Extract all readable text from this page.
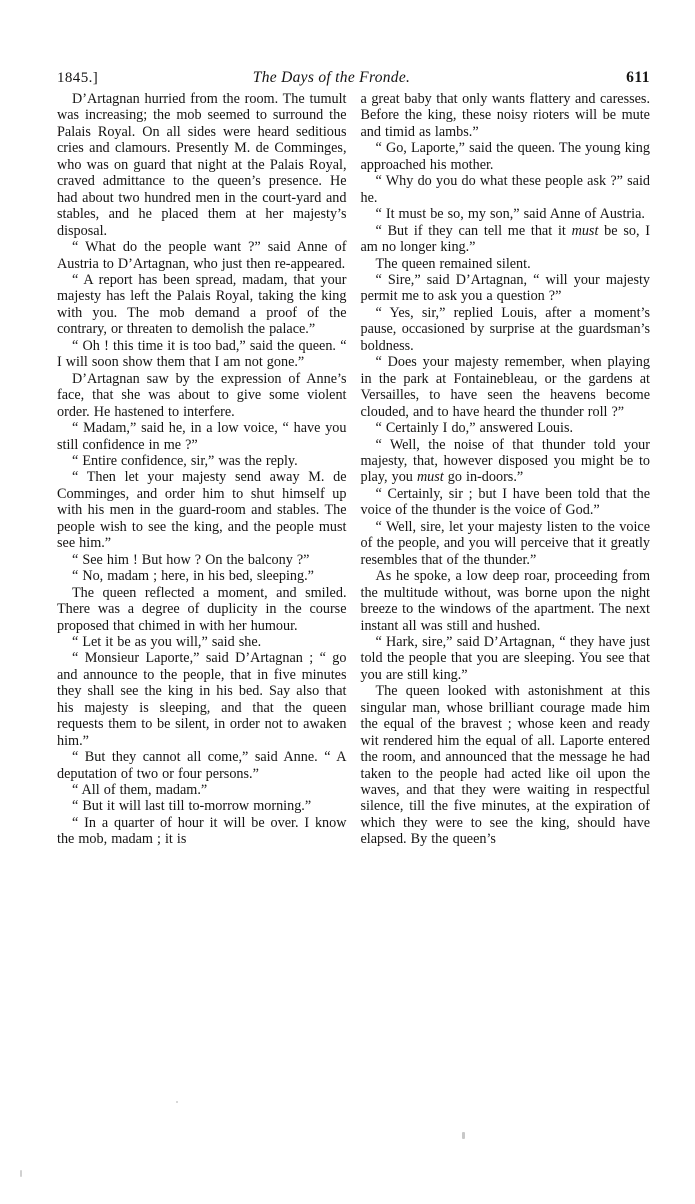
1845.]	The Days of the Fronde.	611

D’Artagnan hurried from the room. The tumult was increasing; the mob seemed to surround the Palais Royal. On all sides were heard seditious cries and clamours. Presently M. de Comminges, who was on guard that night at the Palais Royal, craved admittance to the queen’s presence. He had about two hundred men in the court-yard and stables, and he placed them at her majesty’s disposal.

“ What do the people want ?” said Anne of Austria to D’Artagnan, who just then re-appeared.

“ A report has been spread, madam, that your majesty has left the Palais Royal, taking the king with you. The mob demand a proof of the contrary, or threaten to demolish the palace.”

“ Oh ! this time it is too bad,” said the queen. “ I will soon show them that I am not gone.”

D’Artagnan saw by the expression of Anne’s face, that she was about to give some violent order. He hastened to interfere.

“ Madam,” said he, in a low voice, “ have you still confidence in me ?”

“ Entire confidence, sir,” was the reply.

“ Then let your majesty send away M. de Comminges, and order him to shut himself up with his men in the guard-room and stables. The people wish to see the king, and the people must see him.”

“ See him ! But how ? On the balcony ?”

“ No, madam ; here, in his bed, sleeping.”

The queen reflected a moment, and smiled. There was a degree of duplicity in the course proposed that chimed in with her humour.

“ Let it be as you will,” said she.

“ Monsieur Laporte,” said D’Artagnan ; “ go and announce to the people, that in five minutes they shall see the king in his bed. Say also that his majesty is sleeping, and that the queen requests them to be silent, in order not to awaken him.”

“ But they cannot all come,” said Anne. “ A deputation of two or four persons.”

“ All of them, madam.”

“ But it will last till to-morrow morning.”

“ In a quarter of hour it will be over. I know the mob, madam ; it is

a great baby that only wants flattery and caresses. Before the king, these noisy rioters will be mute and timid as lambs.”

“ Go, Laporte,” said the queen. The young king approached his mother.

“ Why do you do what these people ask ?” said he.

“ It must be so, my son,” said Anne of Austria.

“ But if they can tell me that it must be so, I am no longer king.”

The queen remained silent.

“ Sire,” said D’Artagnan, “ will your majesty permit me to ask you a question ?”

“ Yes, sir,” replied Louis, after a moment’s pause, occasioned by surprise at the guardsman’s boldness.

“ Does your majesty remember, when playing in the park at Fontainebleau, or the gardens at Versailles, to have seen the heavens become clouded, and to have heard the thunder roll ?”

“ Certainly I do,” answered Louis.

“ Well, the noise of that thunder told your majesty, that, however disposed you might be to play, you must go in-doors.”

“ Certainly, sir ; but I have been told that the voice of the thunder is the voice of God.”

“ Well, sire, let your majesty listen to the voice of the people, and you will perceive that it greatly resembles that of the thunder.”

As he spoke, a low deep roar, proceeding from the multitude without, was borne upon the night breeze to the windows of the apartment. The next instant all was still and hushed.

“ Hark, sire,” said D’Artagnan, “ they have just told the people that you are sleeping. You see that you are still king.”

The queen looked with astonishment at this singular man, whose brilliant courage made him the equal of the bravest ; whose keen and ready wit rendered him the equal of all. Laporte entered the room, and announced that the message he had taken to the people had acted like oil upon the waves, and that they were waiting in respectful silence, till the five minutes, at the expiration of which they were to see the king, should have elapsed. By the queen’s
